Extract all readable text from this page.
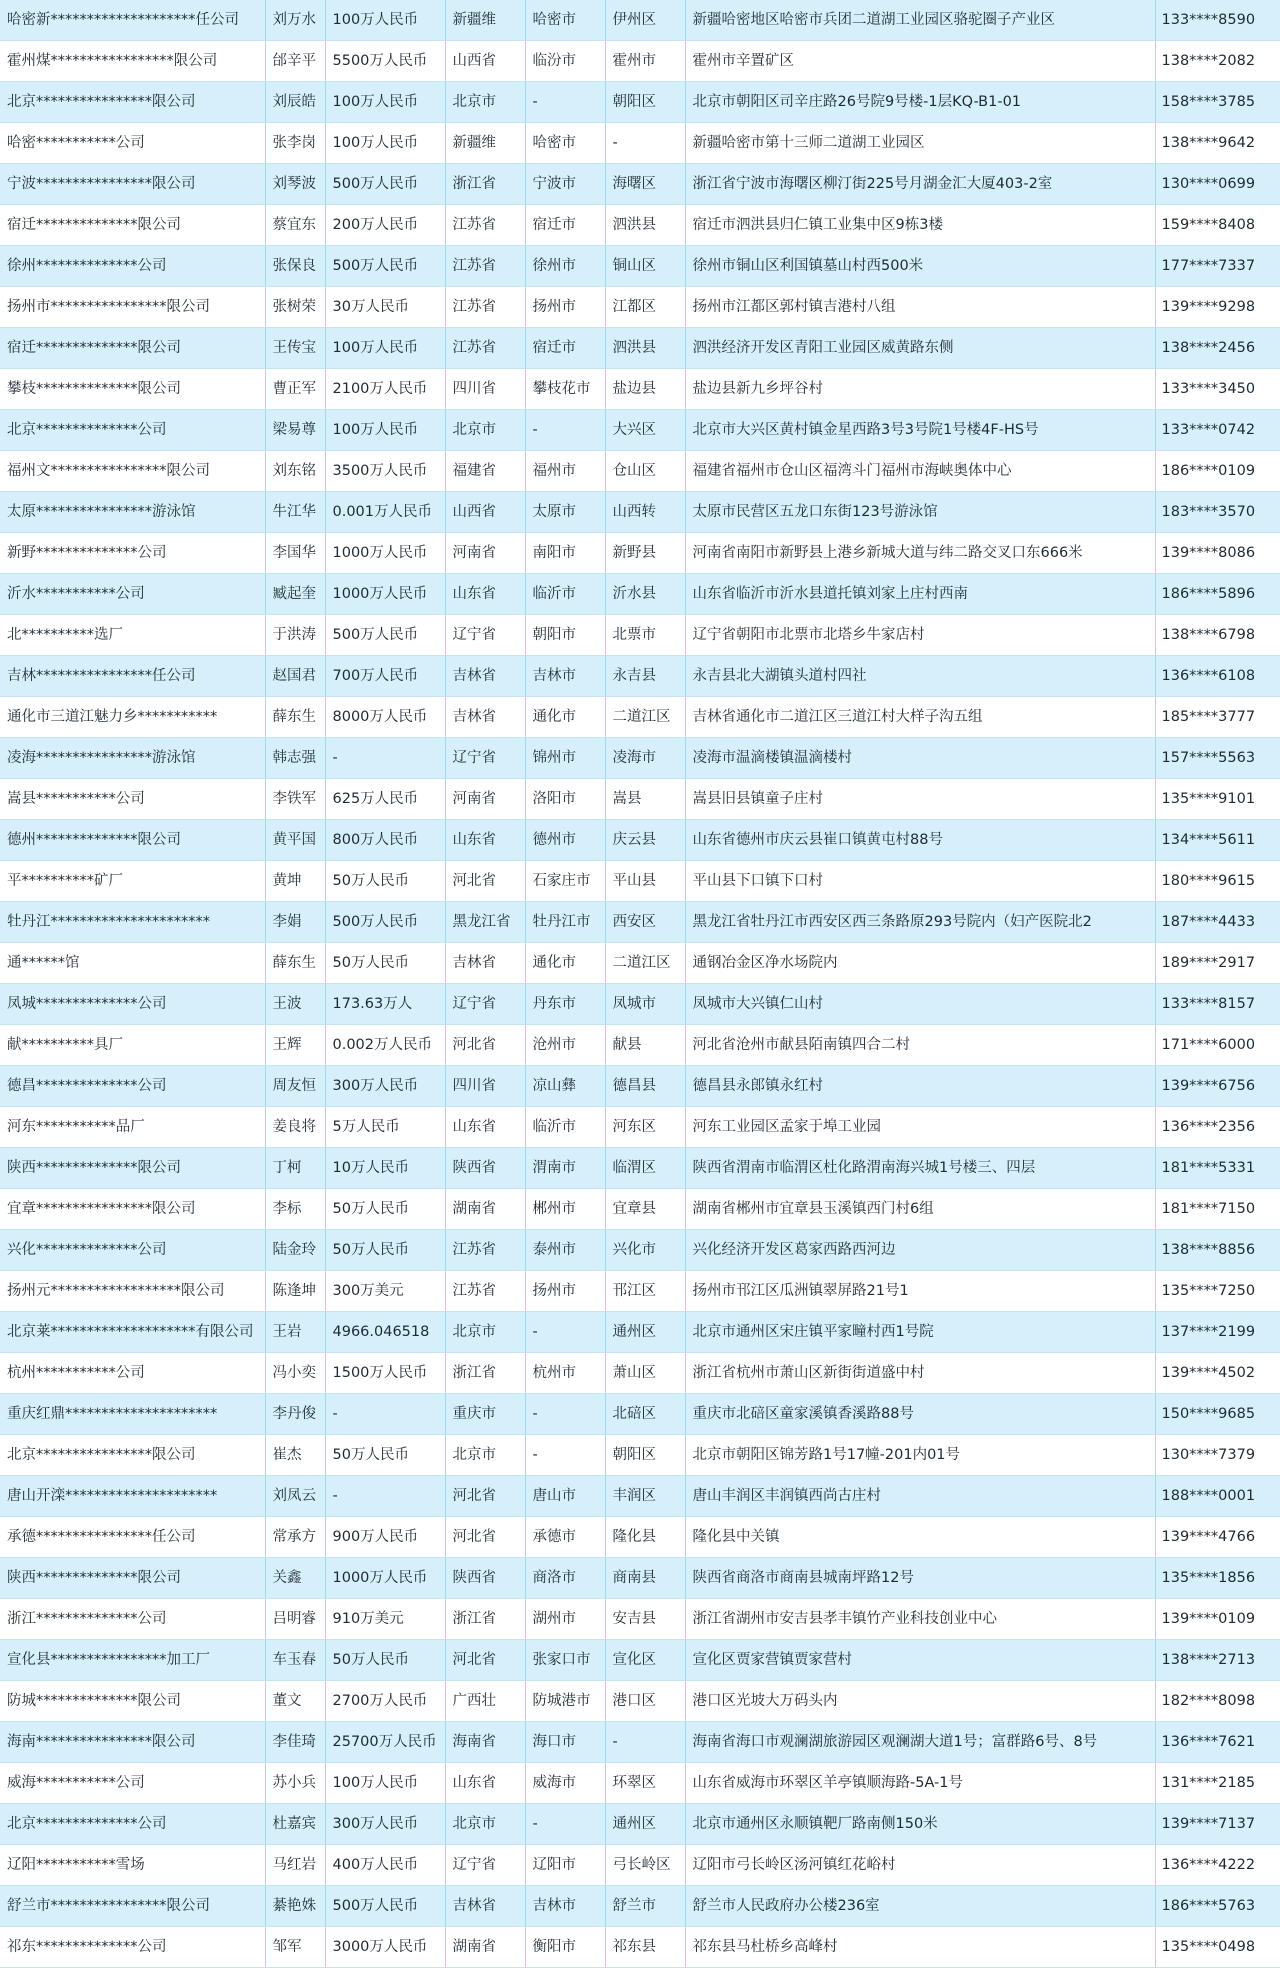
哈密新********************任公司	刘万水	100万人民币	新疆维	哈密市	伊州区	新疆哈密地区哈密市兵团二道湖工业园区骆驼圈子产业区	133****8590
霍州煤*****************限公司	邰辛平	5500万人民币	山西省	临汾市	霍州市	霍州市辛置矿区	138****2082
北京****************限公司	刘辰皓	100万人民币	北京市	-	朝阳区	北京市朝阳区司辛庄路26号院9号楼-1层KQ-B1-01	158****3785
哈密***********公司	张李岗	100万人民币	新疆维	哈密市	-	新疆哈密市第十三师二道湖工业园区	138****9642
宁波****************限公司	刘琴波	500万人民币	浙江省	宁波市	海曙区	浙江省宁波市海曙区柳汀街225号月湖金汇大厦403-2室	130****0699
宿迁**************限公司	蔡宜东	200万人民币	江苏省	宿迁市	泗洪县	宿迁市泗洪县归仁镇工业集中区9栋3楼	159****8408
徐州**************公司	张保良	500万人民币	江苏省	徐州市	铜山区	徐州市铜山区利国镇墓山村西500米	177****7337
扬州市****************限公司	张树荣	30万人民币	江苏省	扬州市	江都区	扬州市江都区郭村镇吉港村八组	139****9298
宿迁**************限公司	王传宝	100万人民币	江苏省	宿迁市	泗洪县	泗洪经济开发区青阳工业园区威黄路东侧	138****2456
攀枝**************限公司	曹正军	2100万人民币	四川省	攀枝花市	盐边县	盐边县新九乡坪谷村	133****3450
北京**************公司	梁易尊	100万人民币	北京市	-	大兴区	北京市大兴区黄村镇金星西路3号3号院1号楼4F-HS号	133****0742
福州文****************限公司	刘东铭	3500万人民币	福建省	福州市	仓山区	福建省福州市仓山区福湾斗门福州市海峡奥体中心	186****0109
太原****************游泳馆	牛江华	0.001万人民币	山西省	太原市	山西转	太原市民营区五龙口东街123号游泳馆	183****3570
新野**************公司	李国华	1000万人民币	河南省	南阳市	新野县	河南省南阳市新野县上港乡新城大道与纬二路交叉口东666米	139****8086
沂水***********公司	臧起奎	1000万人民币	山东省	临沂市	沂水县	山东省临沂市沂水县道托镇刘家上庄村西南	186****5896
北**********选厂	于洪涛	500万人民币	辽宁省	朝阳市	北票市	辽宁省朝阳市北票市北塔乡牛家店村	138****6798
吉林****************任公司	赵国君	700万人民币	吉林省	吉林市	永吉县	永吉县北大湖镇头道村四社	136****6108
通化市三道江魅力乡***********	薛东生	8000万人民币	吉林省	通化市	二道江区	吉林省通化市二道江区三道江村大样子沟五组	185****3777
凌海****************游泳馆	韩志强	-	辽宁省	锦州市	凌海市	凌海市温滴楼镇温滴楼村	157****5563
嵩县***********公司	李铁军	625万人民币	河南省	洛阳市	嵩县	嵩县旧县镇童子庄村	135****9101
德州**************限公司	黄平国	800万人民币	山东省	德州市	庆云县	山东省德州市庆云县崔口镇黄屯村88号	134****5611
平**********矿厂	黄坤	50万人民币	河北省	石家庄市	平山县	平山县下口镇下口村	180****9615
牡丹江**********************	李娟	500万人民币	黑龙江省	牡丹江市	西安区	黑龙江省牡丹江市西安区西三条路原293号院内（妇产医院北2	187****4433
通******馆	薛东生	50万人民币	吉林省	通化市	二道江区	通钢冶金区净水场院内	189****2917
凤城**************公司	王波	173.63万人	辽宁省	丹东市	凤城市	凤城市大兴镇仁山村	133****8157
献**********具厂	王辉	0.002万人民币	河北省	沧州市	献县	河北省沧州市献县陌南镇四合二村	171****6000
德昌**************公司	周友恒	300万人民币	四川省	凉山彝	德昌县	德昌县永郎镇永红村	139****6756
河东***********品厂	姜良将	5万人民币	山东省	临沂市	河东区	河东工业园区孟家于埠工业园	136****2356
陕西**************限公司	丁柯	10万人民币	陕西省	渭南市	临渭区	陕西省渭南市临渭区杜化路渭南海兴城1号楼三、四层	181****5331
宜章****************限公司	李标	50万人民币	湖南省	郴州市	宜章县	湖南省郴州市宜章县玉溪镇西门村6组	181****7150
兴化**************公司	陆金玲	50万人民币	江苏省	泰州市	兴化市	兴化经济开发区葛家西路西河边	138****8856
扬州元******************限公司	陈逢坤	300万美元	江苏省	扬州市	邗江区	扬州市邗江区瓜洲镇翠屏路21号1	135****7250
北京莱********************有限公司	王岩	4966.046518	北京市	-	通州区	北京市通州区宋庄镇平家疃村西1号院	137****2199
杭州***********公司	冯小奕	1500万人民币	浙江省	杭州市	萧山区	浙江省杭州市萧山区新街街道盛中村	139****4502
重庆红鼎*********************	李丹俊	-	重庆市	-	北碚区	重庆市北碚区童家溪镇香溪路88号	150****9685
北京****************限公司	崔杰	50万人民币	北京市	-	朝阳区	北京市朝阳区锦芳路1号17幢-201内01号	130****7379
唐山开滦*********************	刘凤云	-	河北省	唐山市	丰润区	唐山丰润区丰润镇西尚古庄村	188****0001
承德****************任公司	常承方	900万人民币	河北省	承德市	隆化县	隆化县中关镇	139****4766
陕西**************限公司	关鑫	1000万人民币	陕西省	商洛市	商南县	陕西省商洛市商南县城南坪路12号	135****1856
浙江**************公司	吕明睿	910万美元	浙江省	湖州市	安吉县	浙江省湖州市安吉县孝丰镇竹产业科技创业中心	139****0109
宣化县****************加工厂	车玉春	50万人民币	河北省	张家口市	宣化区	宣化区贾家营镇贾家营村	138****2713
防城**************限公司	董文	2700万人民币	广西壮	防城港市	港口区	港口区光坡大万码头内	182****8098
海南****************限公司	李佳琦	25700万人民币	海南省	海口市	-	海南省海口市观澜湖旅游园区观澜湖大道1号；富群路6号、8号	136****7621
威海***********公司	苏小兵	100万人民币	山东省	威海市	环翠区	山东省威海市环翠区羊亭镇顺海路-5A-1号	131****2185
北京**************公司	杜嘉宾	300万人民币	北京市	-	通州区	北京市通州区永顺镇靶厂路南侧150米	139****7137
辽阳***********雪场	马红岩	400万人民币	辽宁省	辽阳市	弓长岭区	辽阳市弓长岭区汤河镇红花峪村	136****4222
舒兰市****************限公司	綦艳姝	500万人民币	吉林省	吉林市	舒兰市	舒兰市人民政府办公楼236室	186****5763
祁东**************公司	邹军	3000万人民币	湖南省	衡阳市	祁东县	祁东县马杜桥乡高峰村	135****0498
